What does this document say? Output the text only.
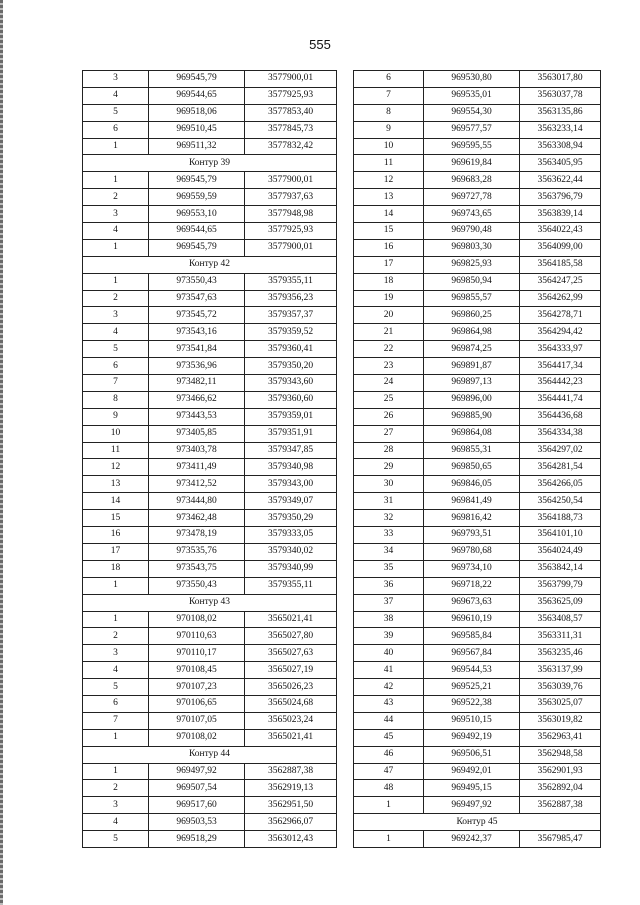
555
3	969545,79	3577900,01
4	969544,65	3577925,93
5	969518,06	3577853,40
6	969510,45	3577845,73
1	969511,32	3577832,42
Контур 39		
1	969545,79	3577900,01
2	969559,59	3577937,63
3	969553,10	3577948,98
4	969544,65	3577925,93
1	969545,79	3577900,01
Контур 42		
1	973550,43	3579355,11
2	973547,63	3579356,23
3	973545,72	3579357,37
4	973543,16	3579359,52
5	973541,84	3579360,41
6	973536,96	3579350,20
7	973482,11	3579343,60
8	973466,62	3579360,60
9	973443,53	3579359,01
10	973405,85	3579351,91
11	973403,78	3579347,85
12	973411,49	3579340,98
13	973412,52	3579343,00
14	973444,80	3579349,07
15	973462,48	3579350,29
16	973478,19	3579333,05
17	973535,76	3579340,02
18	973543,75	3579340,99
1	973550,43	3579355,11
Контур 43		
1	970108,02	3565021,41
2	970110,63	3565027,80
3	970110,17	3565027,63
4	970108,45	3565027,19
5	970107,23	3565026,23
6	970106,65	3565024,68
7	970107,05	3565023,24
1	970108,02	3565021,41
Контур 44		
1	969497,92	3562887,38
2	969507,54	3562919,13
3	969517,60	3562951,50
4	969503,53	3562966,07
5	969518,29	3563012,43
6	969530,80	3563017,80
7	969535,01	3563037,78
8	969554,30	3563135,86
9	969577,57	3563233,14
10	969595,55	3563308,94
11	969619,84	3563405,95
12	969683,28	3563622,44
13	969727,78	3563796,79
14	969743,65	3563839,14
15	969790,48	3564022,43
16	969803,30	3564099,00
17	969825,93	3564185,58
18	969850,94	3564247,25
19	969855,57	3564262,99
20	969860,25	3564278,71
21	969864,98	3564294,42
22	969874,25	3564333,97
23	969891,87	3564417,34
24	969897,13	3564442,23
25	969896,00	3564441,74
26	969885,90	3564436,68
27	969864,08	3564334,38
28	969855,31	3564297,02
29	969850,65	3564281,54
30	969846,05	3564266,05
31	969841,49	3564250,54
32	969816,42	3564188,73
33	969793,51	3564101,10
34	969780,68	3564024,49
35	969734,10	3563842,14
36	969718,22	3563799,79
37	969673,63	3563625,09
38	969610,19	3563408,57
39	969585,84	3563311,31
40	969567,84	3563235,46
41	969544,53	3563137,99
42	969525,21	3563039,76
43	969522,38	3563025,07
44	969510,15	3563019,82
45	969492,19	3562963,41
46	969506,51	3562948,58
47	969492,01	3562901,93
48	969495,15	3562892,04
1	969497,92	3562887,38
Контур 45		
1	969242,37	3567985,47
